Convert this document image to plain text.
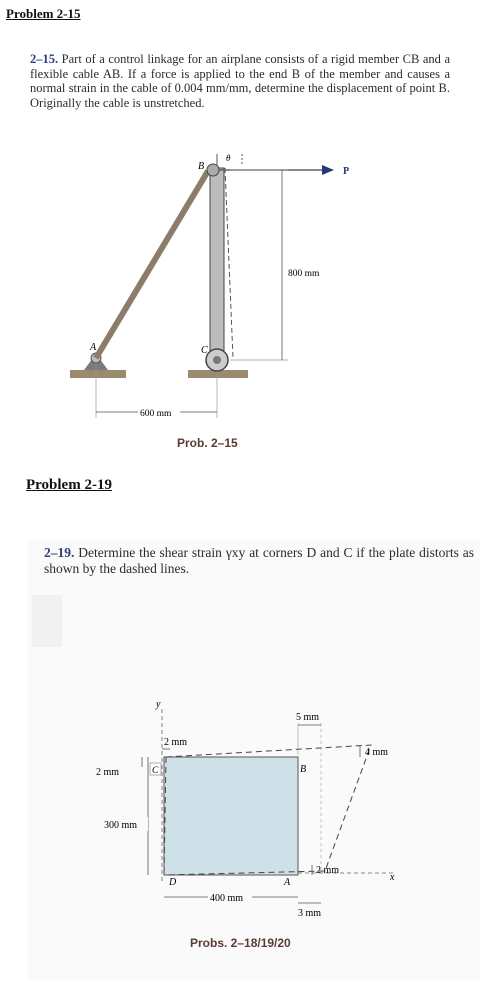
Problem 2-15
2–15. Part of a control linkage for an airplane consists of a rigid member CB and a flexible cable AB. If a force is applied to the end B of the member and causes a normal strain in the cable of 0.004 mm/mm, determine the displacement of point B. Originally the cable is unstretched.
P
θ
B
C
A
800 mm
600 mm
Prob. 2–15
Problem 2-19
2–19. Determine the shear strain γxy at corners D and C if the plate distorts as shown by the dashed lines.
y
x
D	A
B
C
2 mm
2 mm
300 mm
400 mm
5 mm
4 mm
2 mm
3 mm
Probs. 2–18/19/20
